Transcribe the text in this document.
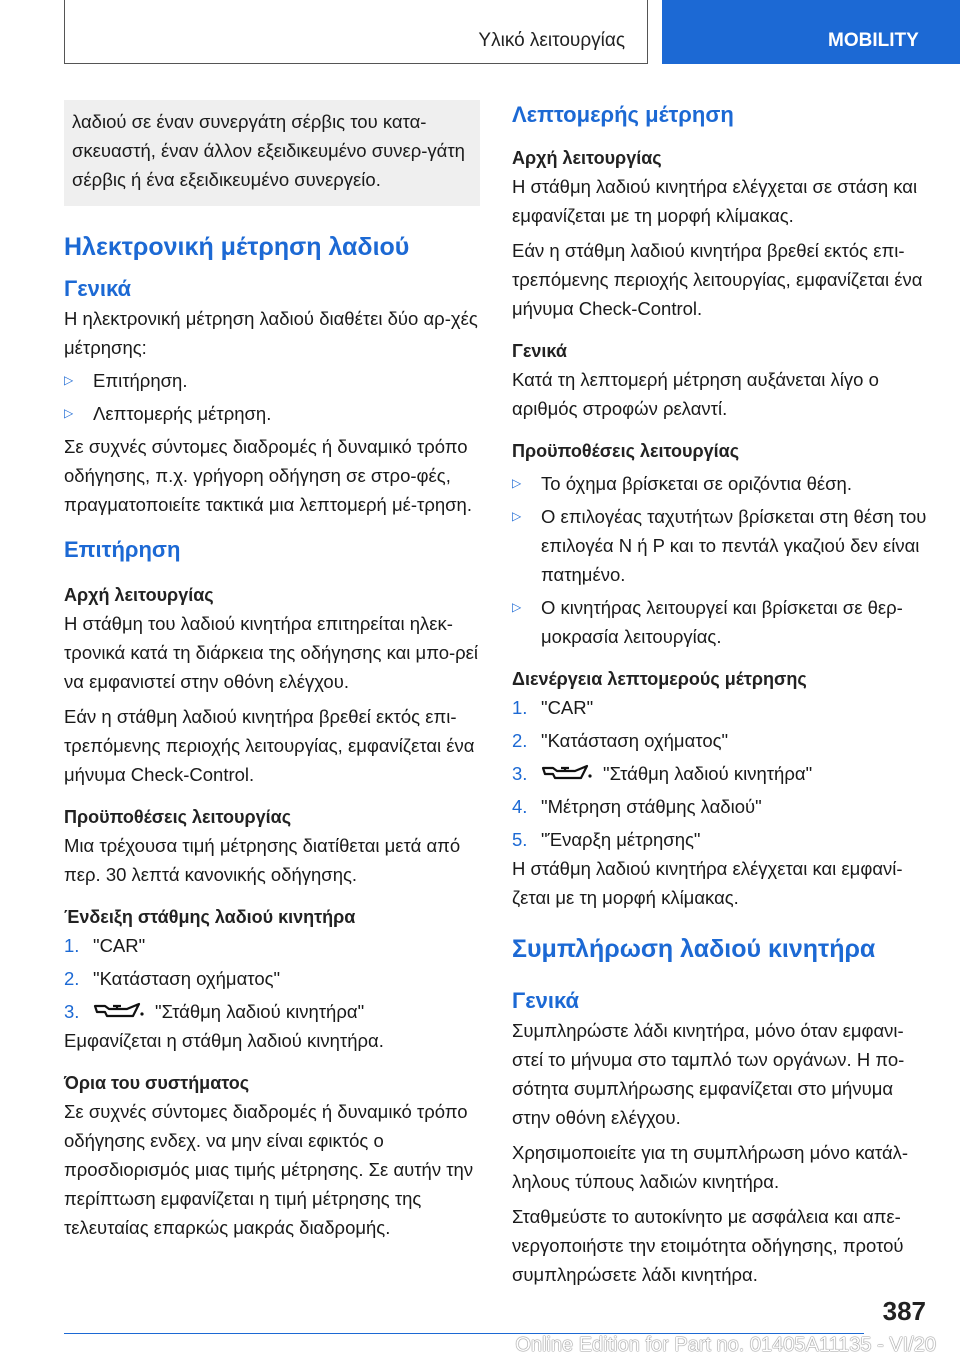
Υλικό λειτουργίας	MOBILITY
λαδιού σε έναν συνεργάτη σέρβις του κατα-σκευαστή, έναν άλλον εξειδικευμένο συνερ-γάτη σέρβις ή ένα εξειδικευμένο συνεργείο.
Ηλεκτρονική μέτρηση λαδιού
Γενικά

Η ηλεκτρονική μέτρηση λαδιού διαθέτει δύο αρ-χές μέτρησης:

▷	Επιτήρηση.
▷	Λεπτομερής μέτρηση.

Σε συχνές σύντομες διαδρομές ή δυναμικό τρόπο οδήγησης, π.χ. γρήγορη οδήγηση σε στρο-φές, πραγματοποιείτε τακτικά μια λεπτομερή μέ-τρηση.

Επιτήρηση
Αρχή λειτουργίας

Η στάθμη του λαδιού κινητήρα επιτηρείται ηλεκ-τρονικά κατά τη διάρκεια της οδήγησης και μπο-ρεί να εμφανιστεί στην οθόνη ελέγχου.

Εάν η στάθμη λαδιού κινητήρα βρεθεί εκτός επι-τρεπόμενης περιοχής λειτουργίας, εμφανίζεται ένα μήνυμα Check-Control.

Προϋποθέσεις λειτουργίας

Μια τρέχουσα τιμή μέτρησης διατίθεται μετά από περ. 30 λεπτά κανονικής οδήγησης.

Ένδειξη στάθμης λαδιού κινητήρα
1. "CAR"
2. "Κατάσταση οχήματος"
3.	"Στάθμη λαδιού κινητήρα"

Εμφανίζεται η στάθμη λαδιού κινητήρα.

Όρια του συστήματος

Σε συχνές σύντομες διαδρομές ή δυναμικό τρόπο οδήγησης ενδεχ. να μην είναι εφικτός ο προσδιορισμός μιας τιμής μέτρησης. Σε αυτήν την περίπτωση εμφανίζεται η τιμή μέτρησης της τελευταίας επαρκώς μακράς διαδρομής.

Λεπτομερής μέτρηση
Αρχή λειτουργίας

Η στάθμη λαδιού κινητήρα ελέγχεται σε στάση και εμφανίζεται με τη μορφή κλίμακας.

Εάν η στάθμη λαδιού κινητήρα βρεθεί εκτός επι-τρεπόμενης περιοχής λειτουργίας, εμφανίζεται ένα μήνυμα Check-Control.

Γενικά

Κατά τη λεπτομερή μέτρηση αυξάνεται λίγο ο αριθμός στροφών ρελαντί.

Προϋποθέσεις λειτουργίας
▷	Το όχημα βρίσκεται σε οριζόντια θέση.
▷	Ο επιλογέας ταχυτήτων βρίσκεται στη θέση του επιλογέα N ή P και το πεντάλ γκαζιού δεν είναι πατημένο.
▷	Ο κινητήρας λειτουργεί και βρίσκεται σε θερ-μοκρασία λειτουργίας.
Διενέργεια λεπτομερούς μέτρησης
1. "CAR"
2. "Κατάσταση οχήματος"
3.	"Στάθμη λαδιού κινητήρα"
4. "Μέτρηση στάθμης λαδιού"
5. "Έναρξη μέτρησης"

Η στάθμη λαδιού κινητήρα ελέγχεται και εμφανί-ζεται με τη μορφή κλίμακας.

Συμπλήρωση λαδιού κινητήρα
Γενικά

Συμπληρώστε λάδι κινητήρα, μόνο όταν εμφανι-στεί το μήνυμα στο ταμπλό των οργάνων. Η πο-σότητα συμπλήρωσης εμφανίζεται στο μήνυμα στην οθόνη ελέγχου.

Χρησιμοποιείτε για τη συμπλήρωση μόνο κατάλ-ληλους τύπους λαδιών κινητήρα.

Σταθμεύστε το αυτοκίνητο με ασφάλεια και απε-νεργοποιήστε την ετοιμότητα οδήγησης, προτού συμπληρώσετε λάδι κινητήρα.

387
Online Edition for Part no. 01405A11135 - VI/20
